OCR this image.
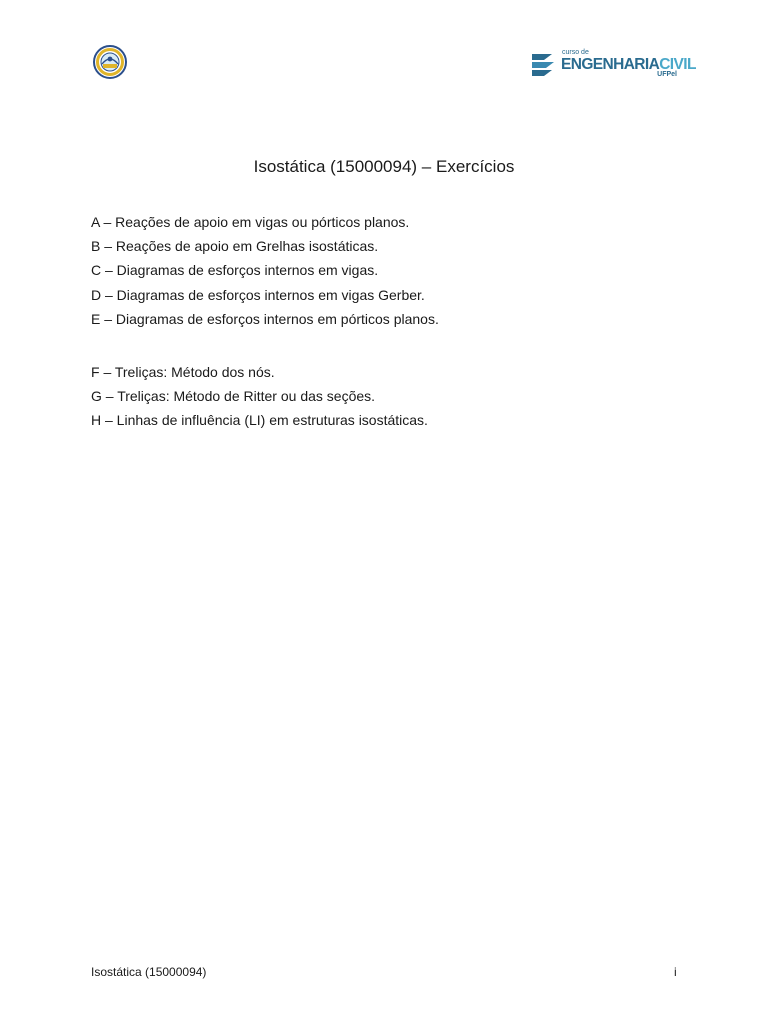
curso de
ENGENHARIACIVIL
UFPel
Isostática (15000094) – Exercícios
A – Reações de apoio em vigas ou pórticos planos.
B – Reações de apoio em Grelhas isostáticas.
C – Diagramas de esforços internos em vigas.
D – Diagramas de esforços internos em vigas Gerber.
E – Diagramas de esforços internos em pórticos planos.
F – Treliças: Método dos nós.
G – Treliças: Método de Ritter ou das seções.
H – Linhas de influência (LI) em estruturas isostáticas.
Isostática (15000094)	i
